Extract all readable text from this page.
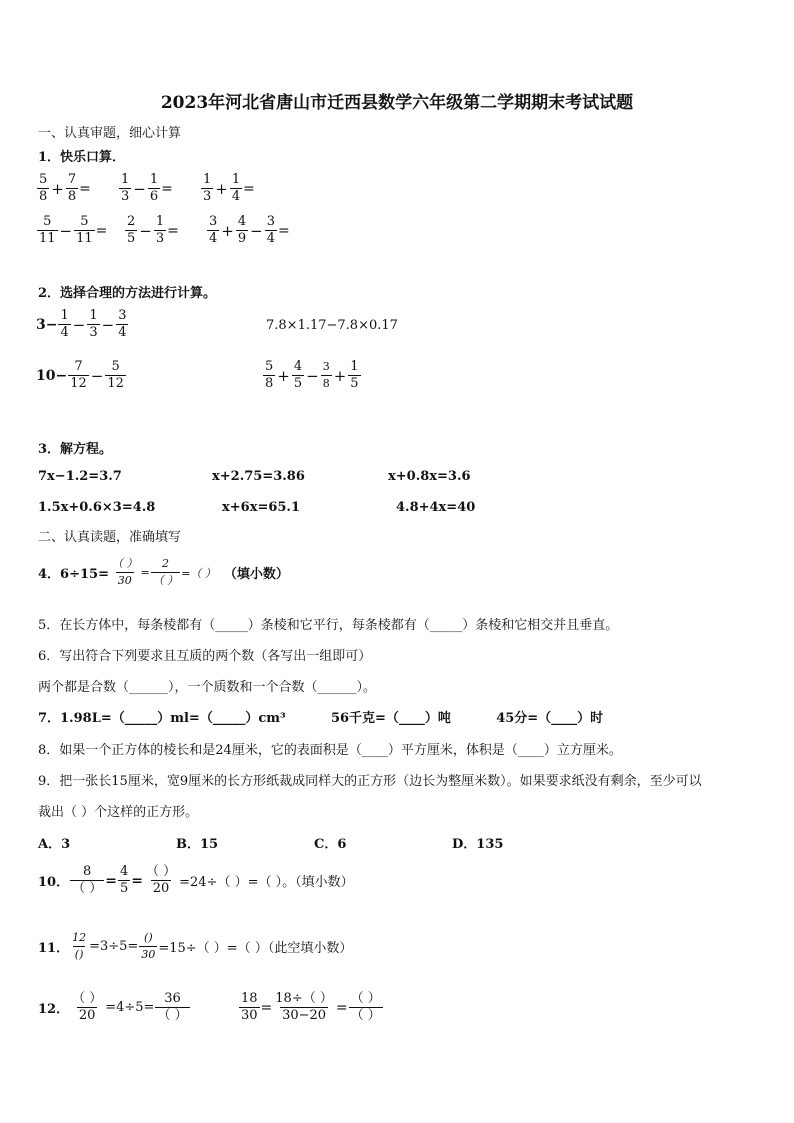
2023年河北省唐山市迁西县数学六年级第二学期期末考试试题
一、认真审题，细心计算
1．快乐口算．
$\frac{5}{8} + \frac{7}{8} = \frac{1}{3} - \frac{1}{6} = \frac{1}{3} + \frac{1}{4}$ =
$\frac{5}{11} - \frac{5}{11} = \frac{2}{5} - \frac{1}{3} = \frac{3}{4} + \frac{4}{9} - \frac{3}{4}$ =
2．选择合理的方法进行计算。
$3- \frac{1}{4} - \frac{1}{3} - \frac{3}{4}$	7.8×1.17−7.8×0.17
$10- \frac{7}{12} - \frac{5}{12}$	$\frac{5}{8} + \frac{4}{5} - \frac{3}{8} + \frac{1}{5}$
3．解方程。
7x−1.2=3.7	x+2.75=3.86	x+0.8x=3.6
1.5x+0.6×3=4.8	x+6x=65.1	4.8+4x=40
二、认真读题，准确填写
4．$6\div 15= \frac{( )}{30} = \frac{2}{( )}$ =（ ） （填小数）
5．在长方体中，每条棱都有（_____）条棱和它平行，每条棱都有（_____）条棱和它相交并且垂直。
6．写出符合下列要求且互质的两个数（各写出一组即可）
两个都是合数（______），一个质数和一个合数（______）。
7．1.98L=（_____）ml=（_____）cm³          56千克=（____）吨          45分=（____）时
8．如果一个正方体的棱长和是24厘米，它的表面积是（____）平方厘米，体积是（____）立方厘米。
9．把一张长15厘米，宽9厘米的长方形纸裁成同样大的正方形（边长为整厘米数）。如果要求纸没有剩余，至少可以
裁出（ ）个这样的正方形。
A．3	B．15	C．6	D．135
10． $\frac{8}{( )} = \frac{4}{5} = \frac{( )}{20} =24\div$（ ）=（ ）。（填小数）
11． $\frac{12}{()} =3\div 5= \frac{()}{30} =15\div$（ ）=（ ）（此空填小数）
12． $\frac{( )}{20} =4\div 5= \frac{36}{( )}$	$\frac{18}{30} = \frac{18\div( )}{30-20} = \frac{( )}{( )}$
